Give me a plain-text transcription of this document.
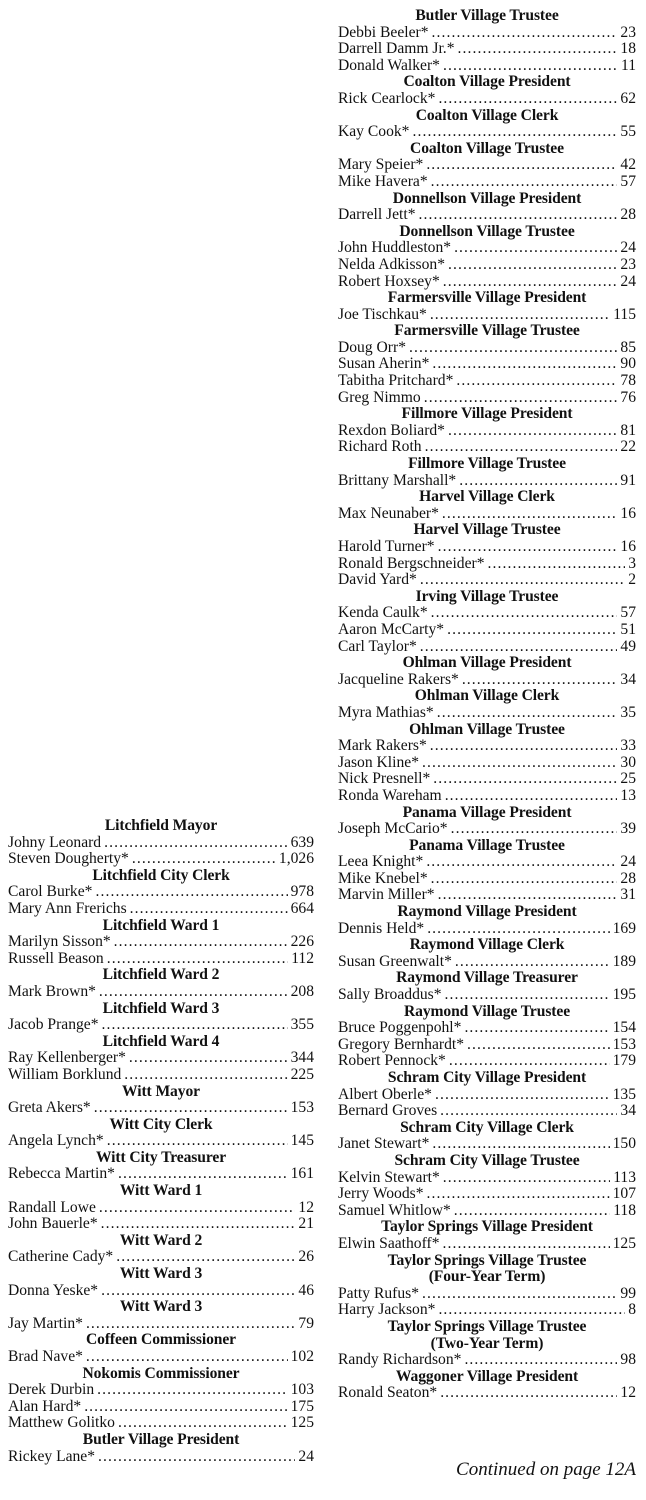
Litchfield Mayor
Johny Leonard .....	639
Steven Dougherty* .....	1,026
Litchfield City Clerk
Carol Burke* .....	978
Mary Ann Frerichs .....	664
Litchfield Ward 1
Marilyn Sisson* .....	226
Russell Beason .....	112
Litchfield Ward 2
Mark Brown* .....	208
Litchfield Ward 3
Jacob Prange* .....	355
Litchfield Ward 4
Ray Kellenberger* .....	344
William Borklund .....	225
Witt Mayor
Greta Akers* .....	153
Witt City Clerk
Angela Lynch* .....	145
Witt City Treasurer
Rebecca Martin* .....	161
Witt Ward 1
Randall Lowe .....	12
John Bauerle* .....	21
Witt Ward 2
Catherine Cady* .....	26
Witt Ward 3
Donna Yeske* .....	46
Witt Ward 3
Jay Martin* .....	79
Coffeen Commissioner
Brad Nave* .....	102
Nokomis Commissioner
Derek Durbin .....	103
Alan Hard* .....	175
Matthew Golitko .....	125
Butler Village President
Rickey Lane* .....	24
Butler Village Trustee
Debbi Beeler* .....	23
Darrell Damm Jr.* .....	18
Donald Walker* .....	11
Coalton Village President
Rick Cearlock* .....	62
Coalton Village Clerk
Kay Cook* .....	55
Coalton Village Trustee
Mary Speier* .....	42
Mike Havera* .....	57
Donnellson Village President
Darrell Jett* .....	28
Donnellson Village Trustee
John Huddleston* .....	24
Nelda Adkisson* .....	23
Robert Hoxsey* .....	24
Farmersville Village President
Joe Tischkau* .....	115
Farmersville Village Trustee
Doug Orr* .....	85
Susan Aherin* .....	90
Tabitha Pritchard* .....	78
Greg Nimmo .....	76
Fillmore Village President
Rexdon Boliard* .....	81
Richard Roth .....	22
Fillmore Village Trustee
Brittany Marshall* .....	91
Harvel Village Clerk
Max Neunaber* .....	16
Harvel Village Trustee
Harold Turner* .....	16
Ronald Bergschneider* .....	3
David Yard* .....	2
Irving Village Trustee
Kenda Caulk* .....	57
Aaron McCarty* .....	51
Carl Taylor* .....	49
Ohlman Village President
Jacqueline Rakers* .....	34
Ohlman Village Clerk
Myra Mathias* .....	35
Ohlman Village Trustee
Mark Rakers* .....	33
Jason Kline* .....	30
Nick Presnell* .....	25
Ronda Wareham .....	13
Panama Village President
Joseph McCario* .....	39
Panama Village Trustee
Leea Knight* .....	24
Mike Knebel* .....	28
Marvin Miller* .....	31
Raymond Village President
Dennis Held* .....	169
Raymond Village Clerk
Susan Greenwalt* .....	189
Raymond Village Treasurer
Sally Broaddus* .....	195
Raymond Village Trustee
Bruce Poggenpohl* .....	154
Gregory Bernhardt* .....	153
Robert Pennock* .....	179
Schram City Village President
Albert Oberle* .....	135
Bernard Groves .....	34
Schram City Village Clerk
Janet Stewart* .....	150
Schram City Village Trustee
Kelvin Stewart* .....	113
Jerry Woods* .....	107
Samuel Whitlow* .....	118
Taylor Springs Village President
Elwin Saathoff* .....	125
Taylor Springs Village Trustee
(Four-Year Term)
Patty Rufus* .....	99
Harry Jackson* .....	8
Taylor Springs Village Trustee
(Two-Year Term)
Randy Richardson* .....	98
Waggoner Village President
Ronald Seaton* .....	12
Continued on page 12A
